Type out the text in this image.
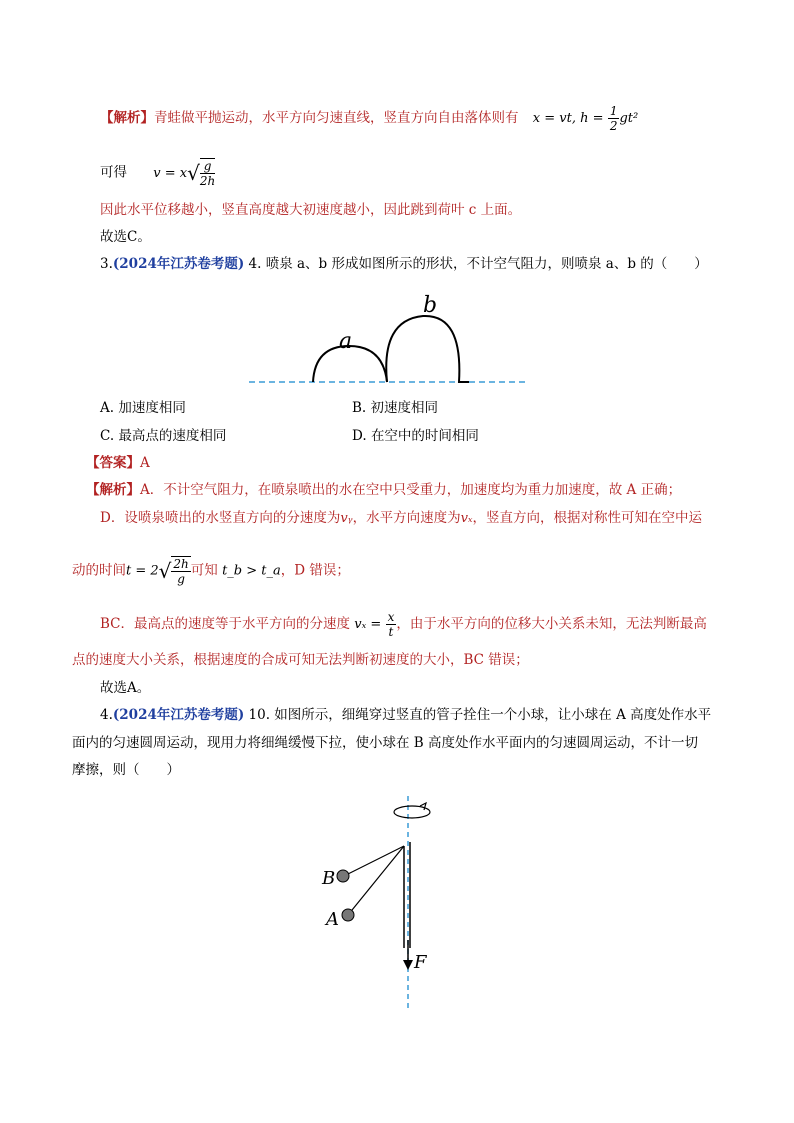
【解析】青蛙做平抛运动，水平方向匀速直线，竖直方向自由落体则有 x = vt, $h = \frac{1}{2} gt^2$
可得 $v = x√ \frac{g}{2h}$
因此水平位移越小，竖直高度越大初速度越小，因此跳到荷叶 c 上面。
故选C。
3.(2024年江苏卷考题) 4. 喷泉 a、b 形成如图所示的形状，不计空气阻力，则喷泉 a、b 的（　　）
a
b
A. 加速度相同	B. 初速度相同
C. 最高点的速度相同	D. 在空中的时间相同
【答案】A
【解析】A．不计空气阻力，在喷泉喷出的水在空中只受重力，加速度均为重力加速度，故 A 正确；
D．设喷泉喷出的水竖直方向的分速度为vᵧ，水平方向速度为vₓ，竖直方向，根据对称性可知在空中运
动的时间$t = 2√ \frac{2h}{g}$ 可知 t_b > t_a，D 错误；
BC．最高点的速度等于水平方向的分速度 $v_x = \frac{x}{t}$ ，由于水平方向的位移大小关系未知，无法判断最高
点的速度大小关系，根据速度的合成可知无法判断初速度的大小，BC 错误；
故选A。
4.(2024年江苏卷考题) 10. 如图所示，细绳穿过竖直的管子拴住一个小球，让小球在 A 高度处作水平
面内的匀速圆周运动，现用力将细绳缓慢下拉，使小球在 B 高度处作水平面内的匀速圆周运动，不计一切
摩擦，则（　　）
B
A
F
